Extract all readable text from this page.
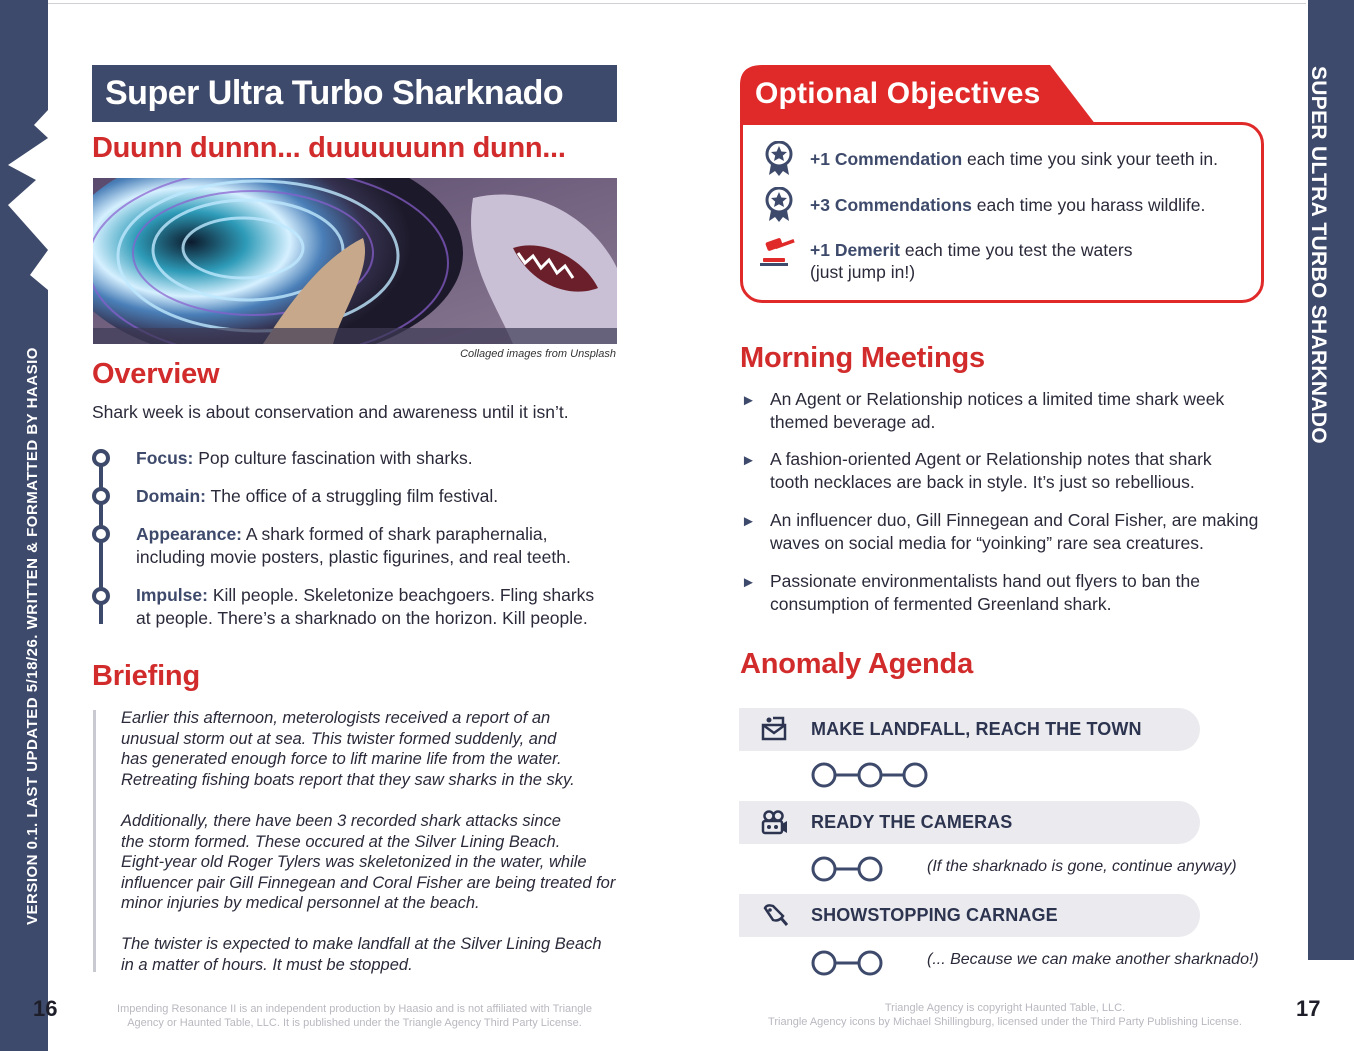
VERSION 0.1. LAST UPDATED 5/18/26. WRITTEN & FORMATTED BY HAASIO
16
SUPER ULTRA TURBO SHARKNADO
17
Super Ultra Turbo Sharknado
Duunn dunnn... duuuuuunn dunn...
Collaged images from Unsplash
Overview
Shark week is about conservation and awareness until it isn’t.
Focus: Pop culture fascination with sharks.
Domain: The office of a struggling film festival.
Appearance: A shark formed of shark paraphernalia,
including movie posters, plastic figurines, and real teeth.
Impulse: Kill people. Skeletonize beachgoers. Fling sharks
at people. There’s a sharknado on the horizon. Kill people.
Briefing

Earlier this afternoon, meterologists received a report of an
unusual storm out at sea. This twister formed suddenly, and
has generated enough force to lift marine life from the water.
Retreating fishing boats report that they saw sharks in the sky.

Additionally, there have been 3 recorded shark attacks since
the storm formed. These occured at the Silver Lining Beach.
Eight-year old Roger Tylers was skeletonized in the water, while
influencer pair Gill Finnegean and Coral Fisher are being treated for
minor injuries by medical personnel at the beach.

The twister is expected to make landfall at the Silver Lining Beach
in a matter of hours. It must be stopped.

Impending Resonance II is an independent production by Haasio and is not affiliated with Triangle
Agency or Haunted Table, LLC. It is published under the Triangle Agency Third Party License.
Optional Objectives
+1 Commendation each time you sink your teeth in.
+3 Commendations each time you harass wildlife.
+1 Demerit each time you test the waters
(just jump in!)
Morning Meetings
► An Agent or Relationship notices a limited time shark week
themed beverage ad.
► A fashion-oriented Agent or Relationship notes that shark
tooth necklaces are back in style. It’s just so rebellious.
► An influencer duo, Gill Finnegean and Coral Fisher, are making
waves on social media for “yoinking” rare sea creatures.
► Passionate environmentalists hand out flyers to ban the
consumption of fermented Greenland shark.
Anomaly Agenda
MAKE LANDFALL, REACH THE TOWN
READY THE CAMERAS
(If the sharknado is gone, continue anyway)
SHOWSTOPPING CARNAGE
(... Because we can make another sharknado!)
Triangle Agency is copyright Haunted Table, LLC.
Triangle Agency icons by Michael Shillingburg, licensed under the Third Party Publishing License.
